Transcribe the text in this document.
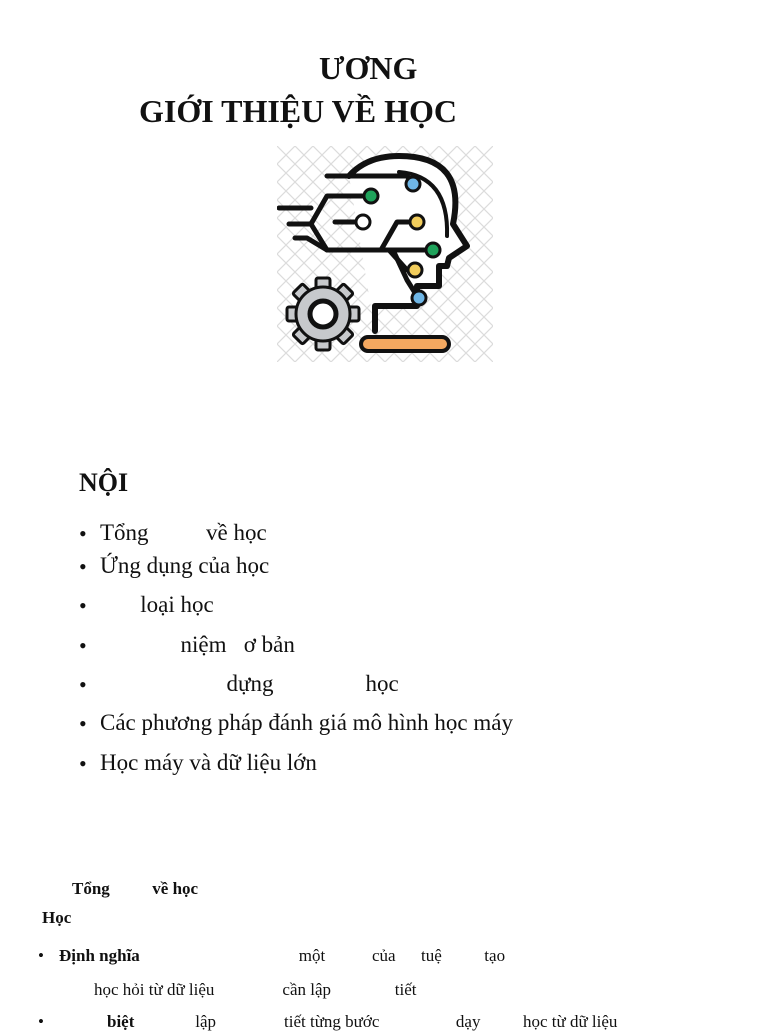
ƯƠNG
GIỚI THIỆU VỀ HỌC
NỘI
• Tổng          về học
• Ứng dụng của học
• loại học
• niệm   ơ bản
• dựng                học
• Các phương pháp đánh giá mô hình học máy
• Học máy và dữ liệu lớn
Tổng          về học
Học
• Định nghĩa một           của      tuệ          tạo
học hỏi từ dữ liệu                cần lập               tiết
•	biệt lập                tiết từng bước                  dạy          học từ dữ liệu
